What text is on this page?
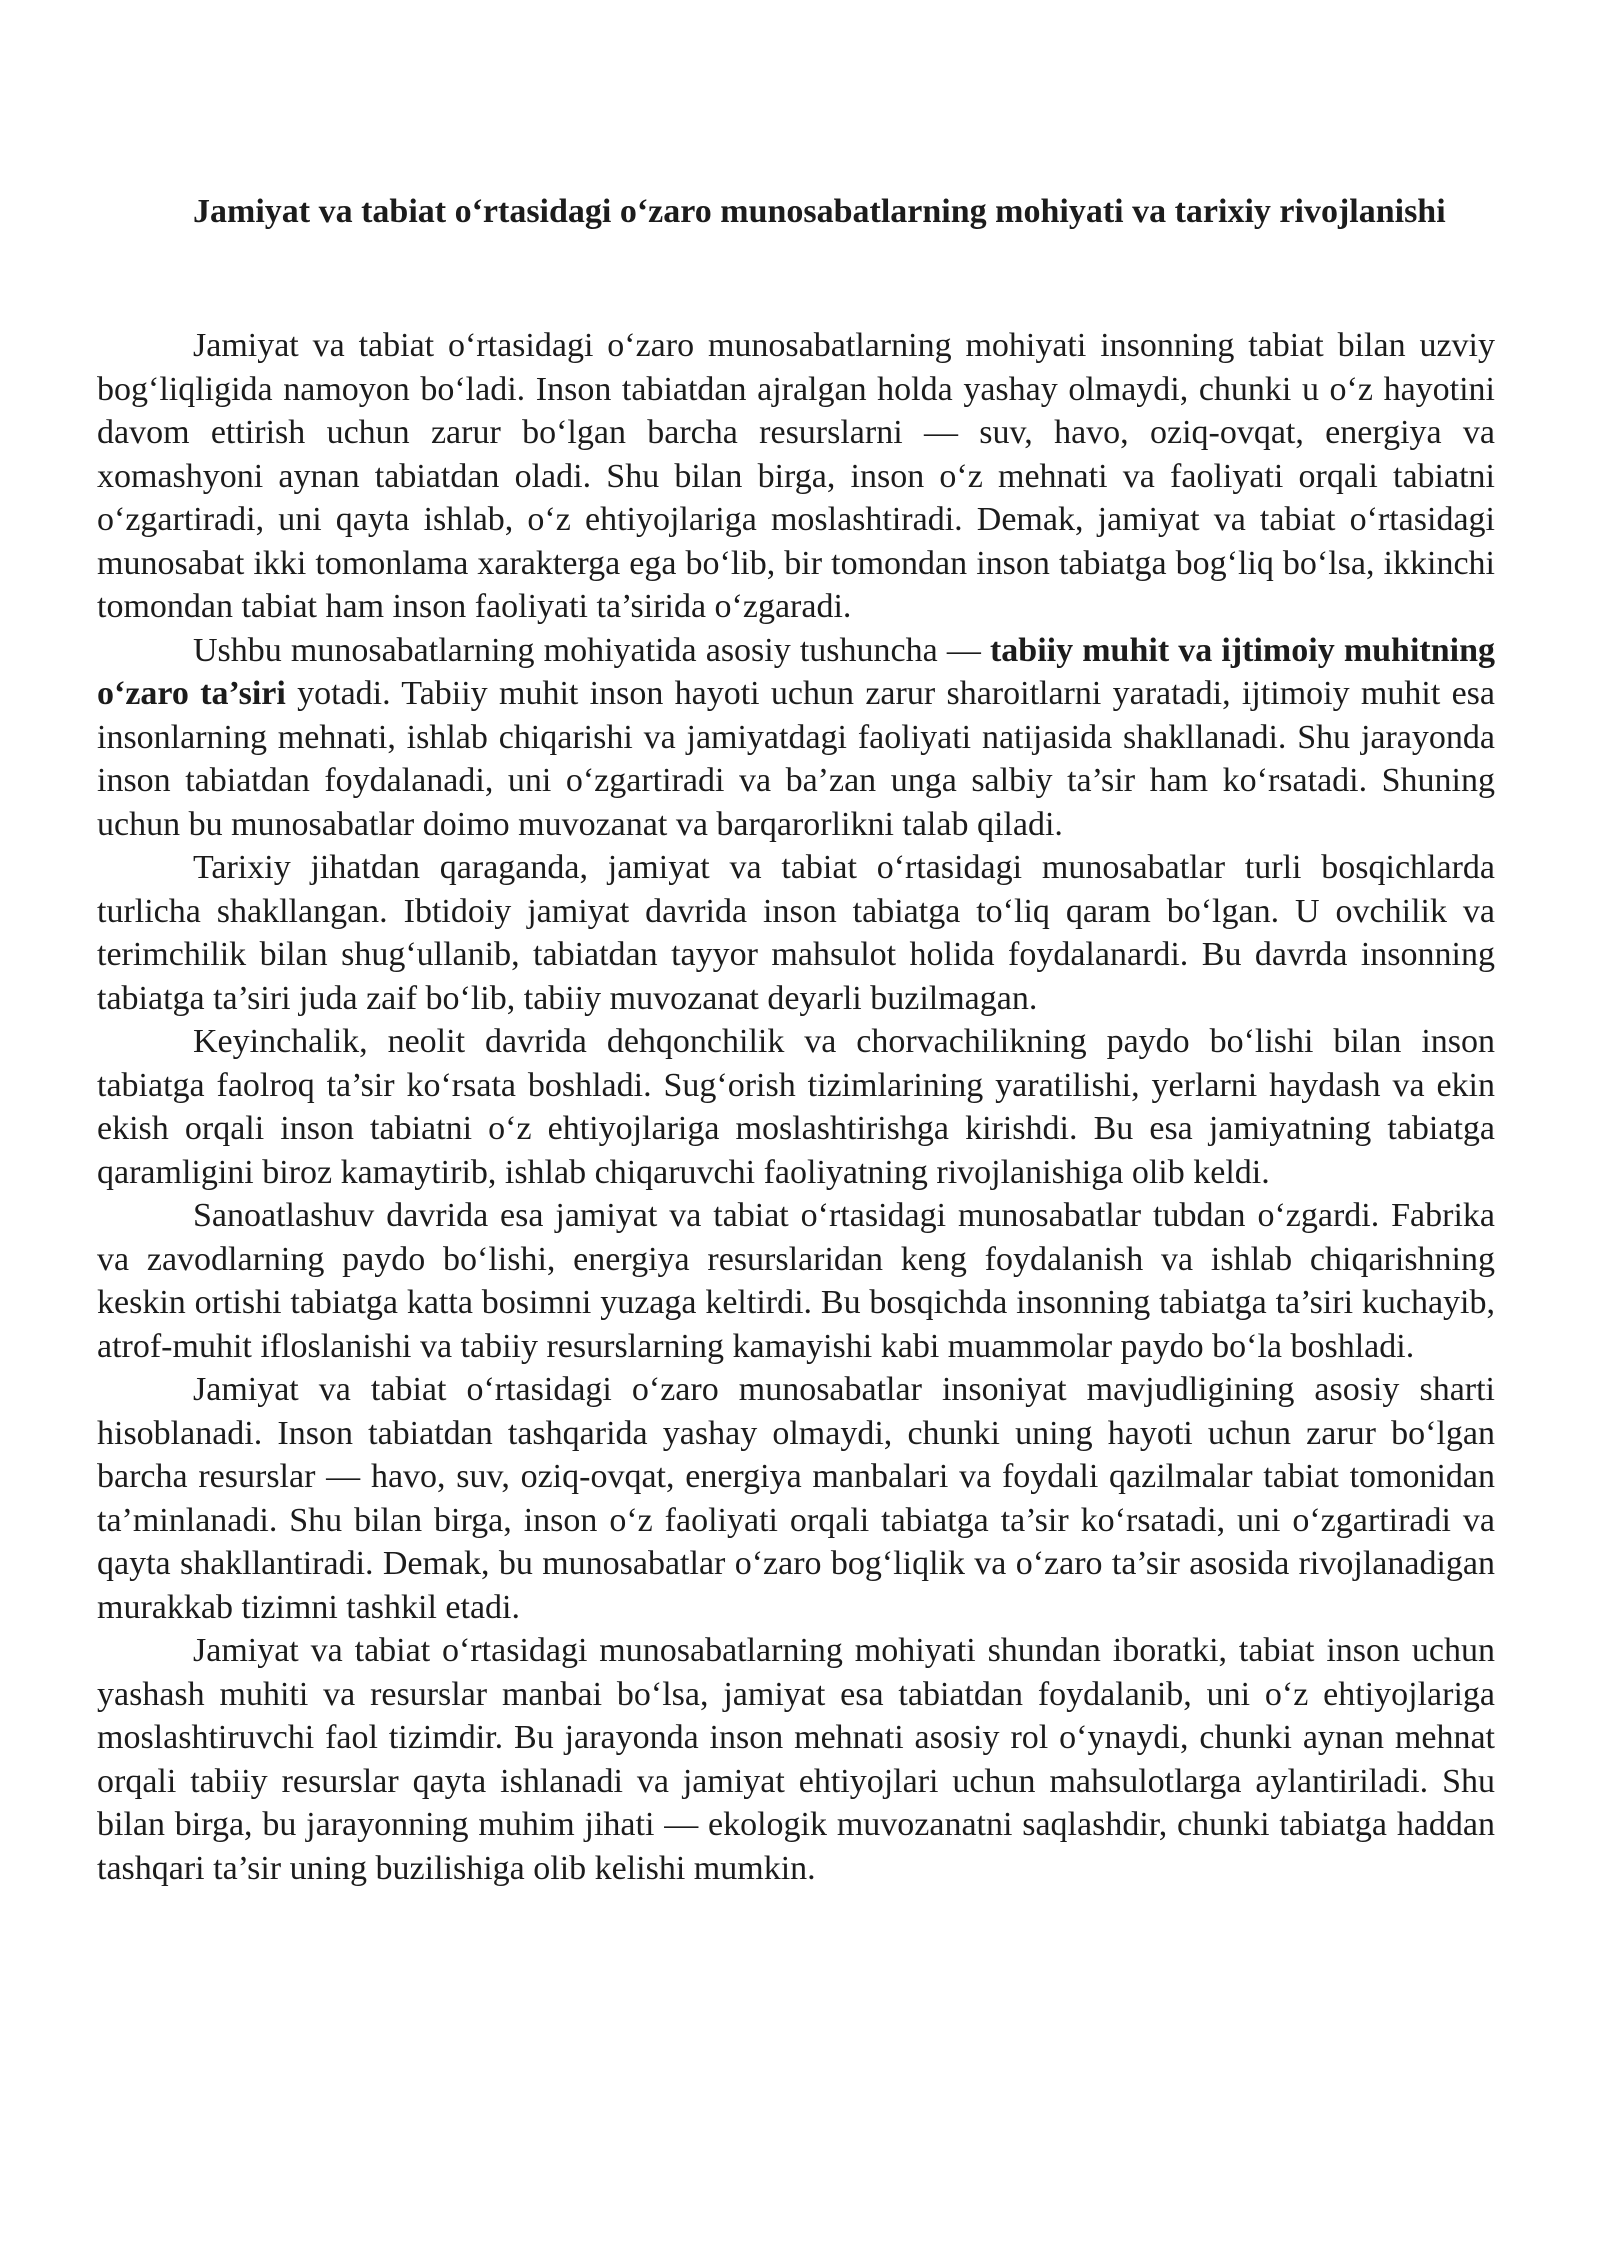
Jamiyat va tabiat o‘rtasidagi o‘zaro munosabatlarning mohiyati va tarixiy rivojlanishi

Jamiyat va tabiat o‘rtasidagi o‘zaro munosabatlarning mohiyati insonning tabiat bilan uzviy bog‘liqligida namoyon bo‘ladi. Inson tabiatdan ajralgan holda yashay olmaydi, chunki u o‘z hayotini davom ettirish uchun zarur bo‘lgan barcha resurslarni — suv, havo, oziq-ovqat, energiya va xomashyoni aynan tabiatdan oladi. Shu bilan birga, inson o‘z mehnati va faoliyati orqali tabiatni o‘zgartiradi, uni qayta ishlab, o‘z ehtiyojlariga moslashtiradi. Demak, jamiyat va tabiat o‘rtasidagi munosabat ikki tomonlama xarakterga ega bo‘lib, bir tomondan inson tabiatga bog‘liq bo‘lsa, ikkinchi tomondan tabiat ham inson faoliyati ta’sirida o‘zgaradi.

Ushbu munosabatlarning mohiyatida asosiy tushuncha — tabiiy muhit va ijtimoiy muhitning o‘zaro ta’siri yotadi. Tabiiy muhit inson hayoti uchun zarur sharoitlarni yaratadi, ijtimoiy muhit esa insonlarning mehnati, ishlab chiqarishi va jamiyatdagi faoliyati natijasida shakllanadi. Shu jarayonda inson tabiatdan foydalanadi, uni o‘zgartiradi va ba’zan unga salbiy ta’sir ham ko‘rsatadi. Shuning uchun bu munosabatlar doimo muvozanat va barqarorlikni talab qiladi.

Tarixiy jihatdan qaraganda, jamiyat va tabiat o‘rtasidagi munosabatlar turli bosqichlarda turlicha shakllangan. Ibtidoiy jamiyat davrida inson tabiatga to‘liq qaram bo‘lgan. U ovchilik va terimchilik bilan shug‘ullanib, tabiatdan tayyor mahsulot holida foydalanardi. Bu davrda insonning tabiatga ta’siri juda zaif bo‘lib, tabiiy muvozanat deyarli buzilmagan.

Keyinchalik, neolit davrida dehqonchilik va chorvachilikning paydo bo‘lishi bilan inson tabiatga faolroq ta’sir ko‘rsata boshladi. Sug‘orish tizimlarining yaratilishi, yerlarni haydash va ekin ekish orqali inson tabiatni o‘z ehtiyojlariga moslashtirishga kirishdi. Bu esa jamiyatning tabiatga qaramligini biroz kamaytirib, ishlab chiqaruvchi faoliyatning rivojlanishiga olib keldi.

Sanoatlashuv davrida esa jamiyat va tabiat o‘rtasidagi munosabatlar tubdan o‘zgardi. Fabrika va zavodlarning paydo bo‘lishi, energiya resurslaridan keng foydalanish va ishlab chiqarishning keskin ortishi tabiatga katta bosimni yuzaga keltirdi. Bu bosqichda insonning tabiatga ta’siri kuchayib, atrof-muhit ifloslanishi va tabiiy resurslarning kamayishi kabi muammolar paydo bo‘la boshladi.

Jamiyat va tabiat o‘rtasidagi o‘zaro munosabatlar insoniyat mavjudligining asosiy sharti hisoblanadi. Inson tabiatdan tashqarida yashay olmaydi, chunki uning hayoti uchun zarur bo‘lgan barcha resurslar — havo, suv, oziq-ovqat, energiya manbalari va foydali qazilmalar tabiat tomonidan ta’minlanadi. Shu bilan birga, inson o‘z faoliyati orqali tabiatga ta’sir ko‘rsatadi, uni o‘zgartiradi va qayta shakllantiradi. Demak, bu munosabatlar o‘zaro bog‘liqlik va o‘zaro ta’sir asosida rivojlanadigan murakkab tizimni tashkil etadi.

Jamiyat va tabiat o‘rtasidagi munosabatlarning mohiyati shundan iboratki, tabiat inson uchun yashash muhiti va resurslar manbai bo‘lsa, jamiyat esa tabiatdan foydalanib, uni o‘z ehtiyojlariga moslashtiruvchi faol tizimdir. Bu jarayonda inson mehnati asosiy rol o‘ynaydi, chunki aynan mehnat orqali tabiiy resurslar qayta ishlanadi va jamiyat ehtiyojlari uchun mahsulotlarga aylantiriladi. Shu bilan birga, bu jarayonning muhim jihati — ekologik muvozanatni saqlashdir, chunki tabiatga haddan tashqari ta’sir uning buzilishiga olib kelishi mumkin.
